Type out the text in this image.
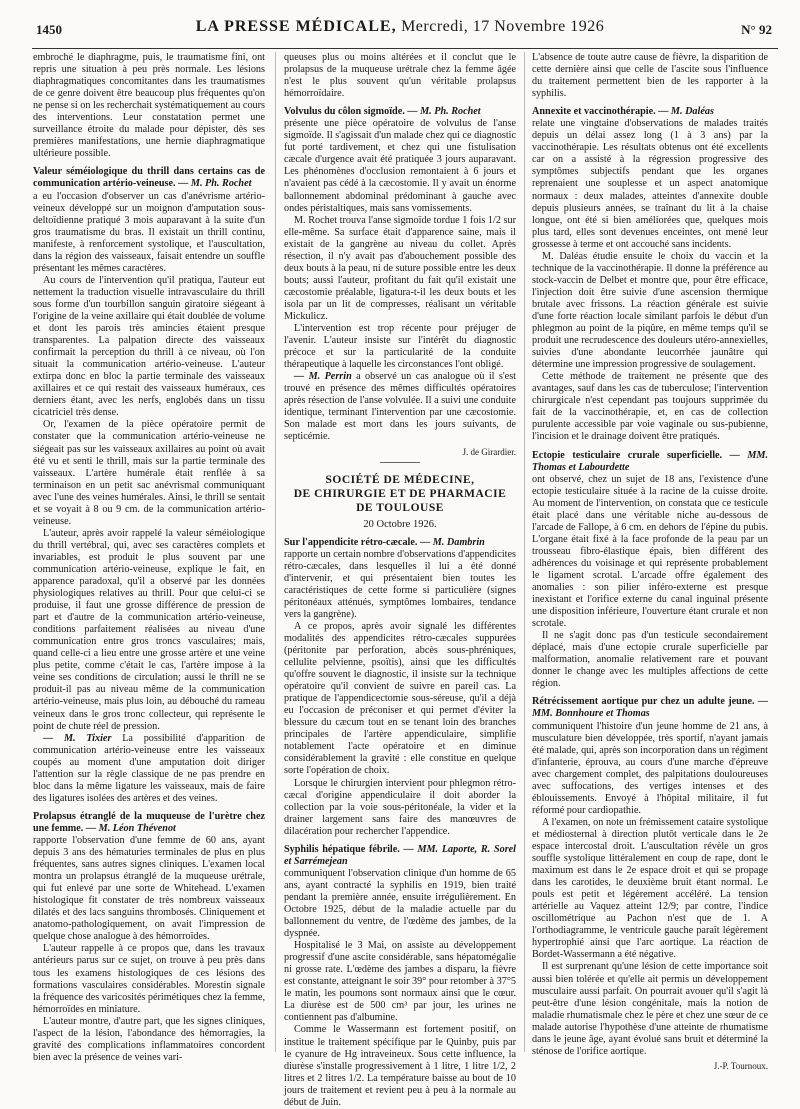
1450	LA PRESSE MÉDICALE, Mercredi, 17 Novembre 1926	N° 92

embroché le diaphragme, puis, le traumatisme fini, ont repris une situation à peu près normale. Les lésions diaphragmatiques concomitantes dans les traumatismes de ce genre doivent être beaucoup plus fréquentes qu'on ne pense si on les recherchait systématiquement au cours des interventions. Leur constatation permet une surveillance étroite du malade pour dépister, dès ses premières manifestations, une hernie diaphragmatique ultérieure possible.

Valeur séméiologique du thrill dans certains cas de communication artério-veineuse. — M. Ph. Rochet

a eu l'occasion d'observer un cas d'anévrisme artério-veineux développé sur un moignon d'amputation sous-deltoïdienne pratiqué 3 mois auparavant à la suite d'un gros traumatisme du bras. Il existait un thrill continu, manifeste, à renforcement systolique, et l'auscultation, dans la région des vaisseaux, faisait entendre un souffle présentant les mêmes caractères.

Au cours de l'intervention qu'il pratiqua, l'auteur eut nettement la traduction visuelle intravasculaire du thrill sous forme d'un tourbillon sanguin giratoire siégeant à l'origine de la veine axillaire qui était doublée de volume et dont les parois très amincies étaient presque transparentes. La palpation directe des vaisseaux confirmait la perception du thrill à ce niveau, où l'on situait la communication artério-veineuse. L'auteur extirpa donc en bloc la partie terminale des vaisseaux axillaires et ce qui restait des vaisseaux huméraux, ces derniers étant, avec les nerfs, englobés dans un tissu cicatriciel très dense.

Or, l'examen de la pièce opératoire permit de constater que la communication artério-veineuse ne siégeait pas sur les vaisseaux axillaires au point où avait été vu et senti le thrill, mais sur la partie terminale des vaisseaux. L'artère humérale était renflée à sa terminaison en un petit sac anévrismal communiquant avec l'une des veines humérales. Ainsi, le thrill se sentait et se voyait à 8 ou 9 cm. de la communication artério-veineuse.

L'auteur, après avoir rappelé la valeur séméiologique du thrill vertébral, qui, avec ses caractères complets et invariables, est produit le plus souvent par une communication artério-veineuse, explique le fait, en apparence paradoxal, qu'il a observé par les données physiologiques relatives au thrill. Pour que celui-ci se produise, il faut une grosse différence de pression de part et d'autre de la communication artério-veineuse, conditions parfaitement réalisées au niveau d'une communication entre gros troncs vasculaires; mais, quand celle-ci a lieu entre une grosse artère et une veine plus petite, comme c'était le cas, l'artère impose à la veine ses conditions de circulation; aussi le thrill ne se produit-il pas au niveau même de la communication artério-veineuse, mais plus loin, au débouché du rameau veineux dans le gros tronc collecteur, qui représente le point de chute réel de pression.

— M. Tixier La possibilité d'apparition de communication artério-veineuse entre les vaisseaux coupés au moment d'une amputation doit diriger l'attention sur la règle classique de ne pas prendre en bloc dans la même ligature les vaisseaux, mais de faire des ligatures isolées des artères et des veines.

Prolapsus étranglé de la muqueuse de l'urètre chez une femme. — M. Léon Thévenot

rapporte l'observation d'une femme de 60 ans, ayant depuis 3 ans des hématuries terminales de plus en plus fréquentes, sans autres signes cliniques. L'examen local montra un prolapsus étranglé de la muqueuse urétrale, qui fut enlevé par une sorte de Whitehead. L'examen histologique fit constater de très nombreux vaisseaux dilatés et des lacs sanguins thrombosés. Cliniquement et anatomo-pathologiquement, on avait l'impression de quelque chose analogue à des hémorroïdes.

L'auteur rappelle à ce propos que, dans les travaux antérieurs parus sur ce sujet, on trouve à peu près dans tous les examens histologiques de ces lésions des formations vasculaires considérables. Morestin signale la fréquence des varicosités périmétiques chez la femme, hémorroïdes en miniature.

L'auteur montre, d'autre part, que les signes cliniques, l'aspect de la lésion, l'abondance des hémorragies, la gravité des complications inflammatoires concordent bien avec la présence de veines vari-

queuses plus ou moins altérées et il conclut que le prolapsus de la muqueuse urétrale chez la femme âgée n'est le plus souvent qu'un véritable prolapsus hémorroïdaire.

Volvulus du côlon sigmoïde. — M. Ph. Rochet

présente une pièce opératoire de volvulus de l'anse sigmoïde. Il s'agissait d'un malade chez qui ce diagnostic fut porté tardivement, et chez qui une fistulisation cæcale d'urgence avait été pratiquée 3 jours auparavant. Les phénomènes d'occlusion remontaient à 6 jours et n'avaient pas cédé à la cæcostomie. Il y avait un énorme ballonnement abdominal prédominant à gauche avec ondes péristaltiques, mais sans vomissements.

M. Rochet trouva l'anse sigmoïde tordue 1 fois 1/2 sur elle-même. Sa surface était d'apparence saine, mais il existait de la gangrène au niveau du collet. Après résection, il n'y avait pas d'abouchement possible des deux bouts à la peau, ni de suture possible entre les deux bouts; aussi l'auteur, profitant du fait qu'il existait une cæcostomie préalable, ligatura-t-il les deux bouts et les isola par un lit de compresses, réalisant un véritable Mickulicz.

L'intervention est trop récente pour préjuger de l'avenir. L'auteur insiste sur l'intérêt du diagnostic précoce et sur la particularité de la conduite thérapeutique à laquelle les circonstances l'ont obligé.

— M. Perrin a observé un cas analogue où il s'est trouvé en présence des mêmes difficultés opératoires après résection de l'anse volvulée. Il a suivi une conduite identique, terminant l'intervention par une cæcostomie. Son malade est mort dans les jours suivants, de septicémie.

J. de Girardier.

SOCIÉTÉ DE MÉDECINE,
DE CHIRURGIE ET DE PHARMACIE DE TOULOUSE

20 Octobre 1926.

Sur l'appendicite rétro-cæcale. — M. Dambrin

rapporte un certain nombre d'observations d'appendicites rétro-cæcales, dans lesquelles il lui a été donné d'intervenir, et qui présentaient bien toutes les caractéristiques de cette forme si particulière (signes péritonéaux atténués, symptômes lombaires, tendance vers la gangrène).

A ce propos, après avoir signalé les différentes modalités des appendicites rétro-cæcales suppurées (péritonite par perforation, abcès sous-phréniques, cellulite pelvienne, psoïtis), ainsi que les difficultés qu'offre souvent le diagnostic, il insiste sur la technique opératoire qu'il convient de suivre en pareil cas. La pratique de l'appendicectomie sous-séreuse, qu'il a déjà eu l'occasion de préconiser et qui permet d'éviter la blessure du cæcum tout en se tenant loin des branches principales de l'artère appendiculaire, simplifie notablement l'acte opératoire et en diminue considérablement la gravité : elle constitue en quelque sorte l'opération de choix.

Lorsque le chirurgien intervient pour phlegmon rétro-cæcal d'origine appendiculaire il doit aborder la collection par la voie sous-péritonéale, la vider et la drainer largement sans faire des manœuvres de dilacération pour rechercher l'appendice.

Syphilis hépatique fébrile. — MM. Laporte, R. Sorel et Sarrémejean

communiquent l'observation clinique d'un homme de 65 ans, ayant contracté la syphilis en 1919, bien traité pendant la première année, ensuite irrégulièrement. En Octobre 1925, début de la maladie actuelle par du ballonnement du ventre, de l'œdème des jambes, de la dyspnée.

Hospitalisé le 3 Mai, on assiste au développement progressif d'une ascite considérable, sans hépatomégalie ni grosse rate. L'œdème des jambes a disparu, la fièvre est constante, atteignant le soir 39° pour retomber à 37°5 le matin, les poumons sont normaux ainsi que le cœur. La diurèse est de 500 cm³ par jour, les urines ne contiennent pas d'albumine.

Comme le Wassermann est fortement positif, on institue le traitement spécifique par le Quinby, puis par le cyanure de Hg intraveineux. Sous cette influence, la diurèse s'installe progressivement à 1 litre, 1 litre 1/2, 2 litres et 2 litres 1/2. La température baisse au bout de 10 jours de traitement et revient peu à peu à la normale au début de Juin.

L'absence de toute autre cause de fièvre, la disparition de cette dernière ainsi que celle de l'ascite sous l'influence du traitement permettent bien de les rapporter à la syphilis.

Annexite et vaccinothérapie. — M. Daléas

relate une vingtaine d'observations de malades traités depuis un délai assez long (1 à 3 ans) par la vaccinothérapie. Les résultats obtenus ont été excellents car on a assisté à la régression progressive des symptômes subjectifs pendant que les organes reprenaient une souplesse et un aspect anatomique normaux : deux malades, atteintes d'annexite double depuis plusieurs années, se traînant du lit à la chaise longue, ont été si bien améliorées que, quelques mois plus tard, elles sont devenues enceintes, ont mené leur grossesse à terme et ont accouché sans incidents.

M. Daléas étudie ensuite le choix du vaccin et la technique de la vaccinothérapie. Il donne la préférence au stock-vaccin de Delbet et montre que, pour être efficace, l'injection doit être suivie d'une ascension thermique brutale avec frissons. La réaction générale est suivie d'une forte réaction locale similant parfois le début d'un phlegmon au point de la piqûre, en même temps qu'il se produit une recrudescence des douleurs utéro-annexielles, suivies d'une abondante leucorrhée jaunâtre qui détermine une impression progressive de soulagement.

Cette méthode de traitement ne présente que des avantages, sauf dans les cas de tuberculose; l'intervention chirurgicale n'est cependant pas toujours supprimée du fait de la vaccinothérapie, et, en cas de collection purulente accessible par voie vaginale ou sus-pubienne, l'incision et le drainage doivent être pratiqués.

Ectopie testiculaire crurale superficielle. — MM. Thomas et Labourdette

ont observé, chez un sujet de 18 ans, l'existence d'une ectopie testiculaire située à la racine de la cuisse droite. Au moment de l'intervention, on constata que ce testicule était placé dans une véritable niche au-dessous de l'arcade de Fallope, à 6 cm. en dehors de l'épine du pubis. L'organe était fixé à la face profonde de la peau par un trousseau fibro-élastique épais, bien différent des adhérences du voisinage et qui représente probablement le ligament scrotal. L'arcade offre également des anomalies : son pilier inféro-externe est presque inexistant et l'orifice externe du canal inguinal présente une disposition inférieure, l'ouverture étant crurale et non scrotale.

Il ne s'agit donc pas d'un testicule secondairement déplacé, mais d'une ectopie crurale superficielle par malformation, anomalie relativement rare et pouvant donner le change avec les multiples affections de cette région.

Rétrécissement aortique pur chez un adulte jeune. — MM. Bonnhoure et Thomas

communiquent l'histoire d'un jeune homme de 21 ans, à musculature bien développée, très sportif, n'ayant jamais été malade, qui, après son incorporation dans un régiment d'infanterie, éprouva, au cours d'une marche d'épreuve avec chargement complet, des palpitations douloureuses avec suffocations, des vertiges intenses et des éblouissements. Envoyé à l'hôpital militaire, il fut réformé pour cardiopathie.

A l'examen, on note un frémissement cataire systolique et médiosternal à direction plutôt verticale dans le 2e espace intercostal droit. L'auscultation révèle un gros souffle systolique littéralement en coup de rape, dont le maximum est dans le 2e espace droit et qui se propage dans les carotides, le deuxième bruit étant normal. Le pouls est petit et légèrement accéléré. La tension artérielle au Vaquez atteint 12/9; par contre, l'indice oscillométrique au Pachon n'est que de 1. A l'orthodiagramme, le ventricule gauche paraît légèrement hypertrophié ainsi que l'arc aortique. La réaction de Bordet-Wassermann a été négative.

Il est surprenant qu'une lésion de cette importance soit aussi bien tolérée et qu'elle ait permis un développement musculaire aussi parfait. On pourrait avouer qu'il s'agit là peut-être d'une lésion congénitale, mais la notion de maladie rhumatismale chez le père et chez une sœur de ce malade autorise l'hypothèse d'une atteinte de rhumatisme dans le jeune âge, ayant évolué sans bruit et déterminé la sténose de l'orifice aortique.

J.-P. Tournoux.
